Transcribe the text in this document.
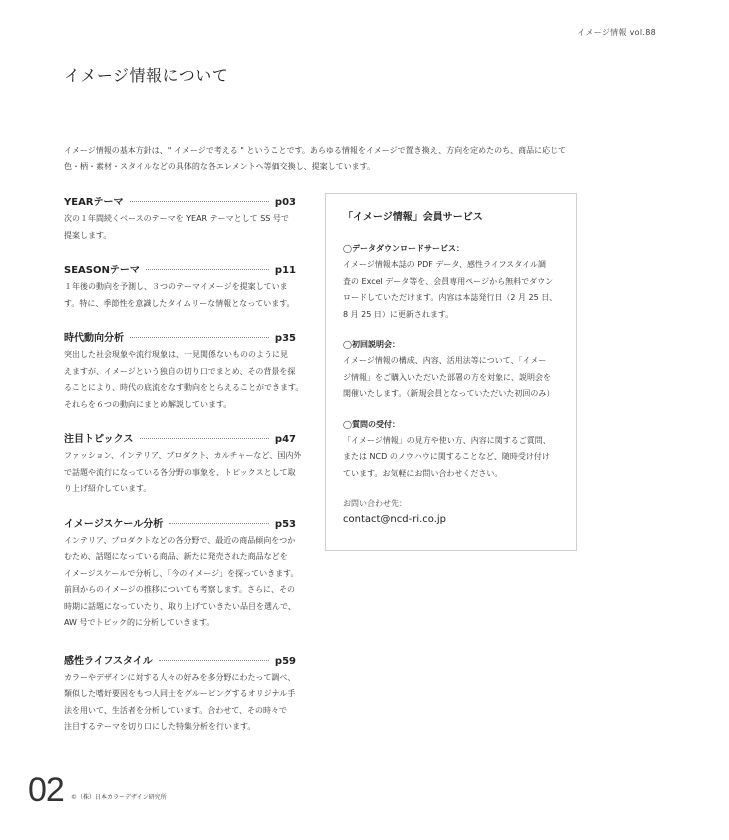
イメージ情報 vol.88
イメージ情報について

イメージ情報の基本方針は、" イメージで考える " ということです。あらゆる情報をイメージで置き換え、方向を定めたのち、商品に応じて
色・柄・素材・スタイルなどの具体的な各エレメントへ等価交換し、提案しています。

YEARテーマ	p03
次の１年間続くベースのテーマを YEAR テーマとして SS 号で
提案します。
SEASONテーマ	p11
１年後の動向を予測し、３つのテーマイメージを提案していま
す。特に、季節性を意識したタイムリーな情報となっています。
時代動向分析	p35
突出した社会現象や流行現象は、一見関係ないもののように見
えますが、イメージという独自の切り口でまとめ、その背景を探
ることにより、時代の底流をなす動向をとらえることができます。
それらを６つの動向にまとめ解説しています。
注目トピックス	p47
ファッション、インテリア、プロダクト、カルチャーなど、国内外
で話題や流行になっている各分野の事象を、トピックスとして取
り上げ紹介しています。
イメージスケール分析	p53
インテリア、プロダクトなどの各分野で、最近の商品傾向をつか
むため、話題になっている商品、新たに発売された商品などを
イメージスケールで分析し、「今のイメージ」を探っていきます。
前回からのイメージの推移についても考察します。さらに、その
時期に話題になっていたり、取り上げていきたい品目を選んで、
AW 号でトピック的に分析していきます。
感性ライフスタイル	p59
カラーやデザインに対する人々の好みを多分野にわたって調べ、
類似した嗜好要因をもつ人同士をグルーピングするオリジナル手
法を用いて、生活者を分析しています。合わせて、その時々で
注目するテーマを切り口にした特集分析を行います。
「イメージ情報」会員サービス
◯データダウンロードサービス：
イメージ情報本誌の PDF データ、感性ライフスタイル調
査の Excel データ等を、会員専用ページから無料でダウン
ロードしていただけます。内容は本誌発行日（2 月 25 日、
8 月 25 日）に更新されます。
◯初回説明会：
イメージ情報の構成、内容、活用法等について、「イメー
ジ情報」をご購入いただいた部署の方を対象に、説明会を
開催いたします。（新規会員となっていただいた初回のみ）
◯質問の受付：
「イメージ情報」の見方や使い方、内容に関するご質問、
または NCD のノウハウに関することなど、随時受け付け
ています。お気軽にお問い合わせください。
お問い合わせ先：
contact@ncd-ri.co.jp
02 ©（株）日本カラーデザイン研究所
